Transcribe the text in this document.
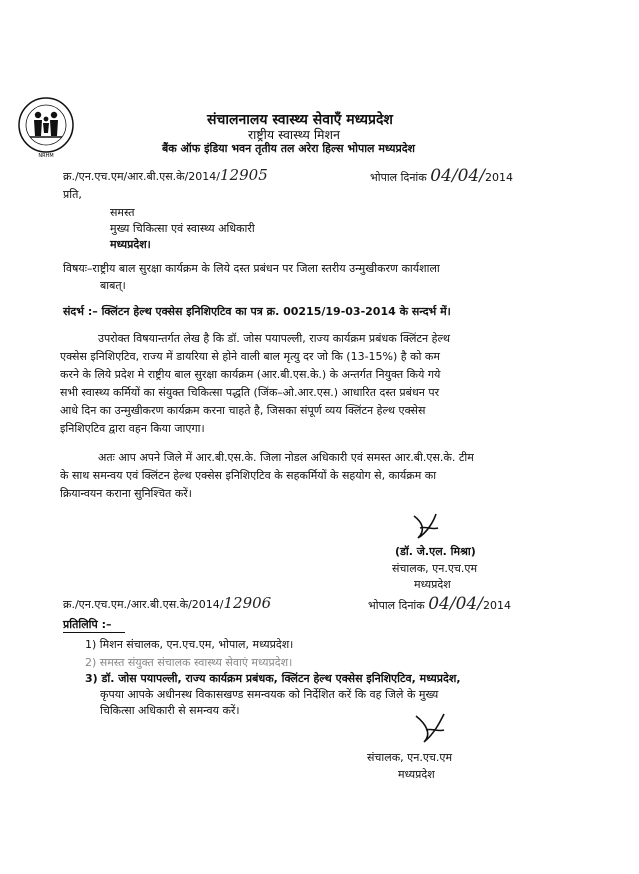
NRHM
संचालनालय स्वास्थ्य सेवाएँ मध्यप्रदेश
राष्ट्रीय स्वास्थ्य मिशन
बैंक ऑफ इंडिया भवन तृतीय तल अरेरा हिल्स भोपाल मध्यप्रदेश
क्र./एन.एच.एम/आर.बी.एस.के/2014/12905	भोपाल दिनांक 04/04/2014
प्रति,
समस्त
मुख्य चिकित्सा एवं स्वास्थ्य अधिकारी
मध्यप्रदेश।
विषयः–राष्ट्रीय बाल सुरक्षा कार्यक्रम के लिये दस्त प्रबंधन पर जिला स्तरीय उन्मुखीकरण कार्यशाला
बाबत्।
संदर्भ :– क्लिंटन हेल्थ एक्सेस इनिशिएटिव का पत्र क्र. 00215/19-03-2014 के सन्दर्भ में।
उपरोक्त विषयान्तर्गत लेख है कि डॉ. जोस पयापल्ली, राज्य कार्यक्रम प्रबंधक क्लिंटन हेल्थ
एक्सेस इनिशिएटिव, राज्य में डायरिया से होने वाली बाल मृत्यु दर जो कि (13-15%) है को कम
करने के लिये प्रदेश मे राष्ट्रीय बाल सुरक्षा कार्यक्रम (आर.बी.एस.के.) के अन्तर्गत नियुक्त किये गये
सभी स्वास्थ्य कर्मियों का संयुक्त चिकित्सा पद्धति (जिंक–ओ.आर.एस.) आधारित दस्त प्रबंधन पर
आधे दिन का उन्मुखीकरण कार्यक्रम करना चाहते है, जिसका संपूर्ण व्यय क्लिंटन हेल्थ एक्सेस
इनिशिएटिव द्वारा वहन किया जाएगा।
अतः आप अपने जिले में आर.बी.एस.के. जिला नोडल अधिकारी एवं समस्त आर.बी.एस.के. टीम
के साथ समन्वय एवं क्लिंटन हेल्थ एक्सेस इनिशिएटिव के सहकर्मियों के सहयोग से, कार्यक्रम का
क्रियान्वयन कराना सुनिश्चित करें।
(डॉ. जे.एल. मिश्रा)
संचालक, एन.एच.एम
मध्यप्रदेश
क्र./एन.एच.एम./आर.बी.एस.के/2014/12906	भोपाल दिनांक 04/04/2014
प्रतिलिपि :–
1) मिशन संचालक, एन.एच.एम, भोपाल, मध्यप्रदेश।
2) समस्त संयुक्त संचालक स्वास्थ्य सेवाएं मध्यप्रदेश।
3) डॉ. जोस पयापल्ली, राज्य कार्यक्रम प्रबंधक, क्लिंटन हेल्थ एक्सेस इनिशिएटिव, मध्यप्रदेश,
कृपया आपके अधीनस्थ विकासखण्ड समन्वयक को निर्देशित करें कि वह जिले के मुख्य
चिकित्सा अधिकारी से समन्वय करें।
संचालक, एन.एच.एम
मध्यप्रदेश
